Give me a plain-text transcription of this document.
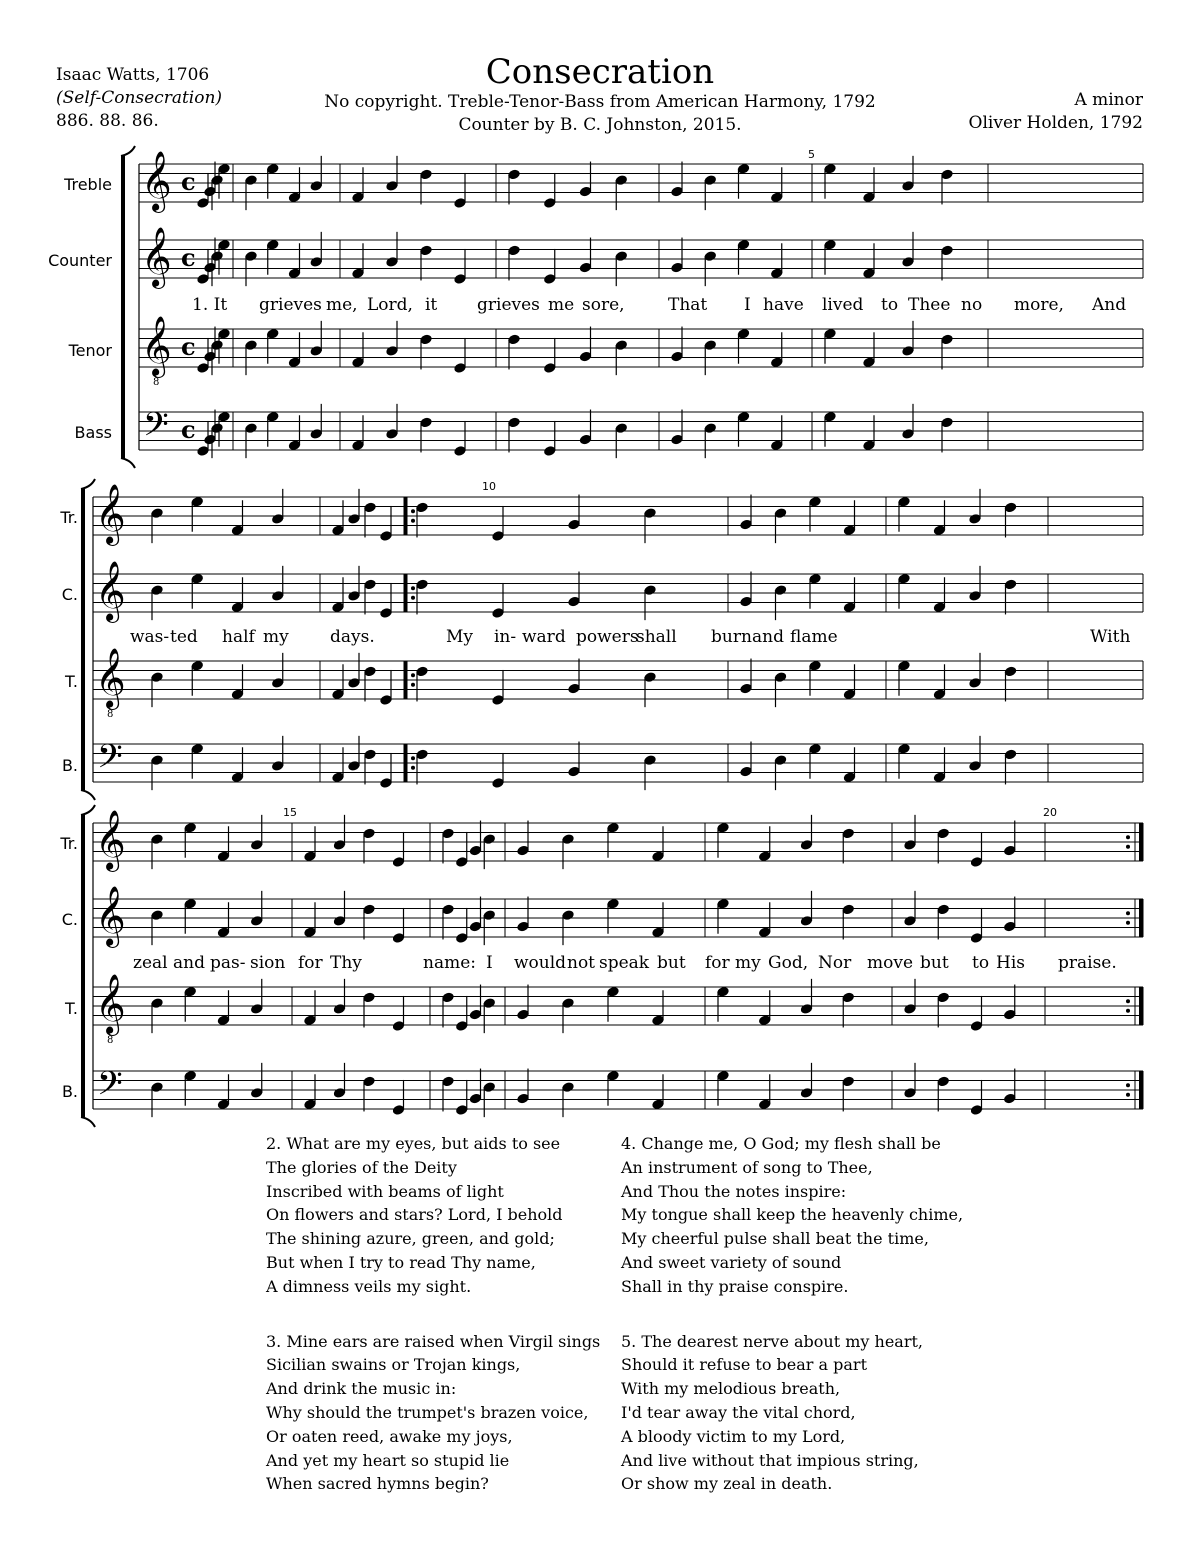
Isaac Watts, 1706
(Self-Consecration)
886. 88. 86.
Consecration
No copyright. Treble-Tenor-Bass from American Harmony, 1792
Counter by B. C. Johnston, 2015.
A minor
Oliver Holden, 1792
Treble
Counter
Tenor
Bass
Tr.
C.
T.
B.
Tr.
C.
T.
B.
𝄞 c
𝄞 c
𝄞
8
c
𝄢 c
𝄞
𝄞
𝄞
8
𝄢
𝄞
𝄞
𝄞
8
𝄢
1. It grieves me, Lord, it grieves me sore,	That I have lived to Thee no more, And
was- ted half my days.	My in- ward powers
shall burn and flame	With
zeal and pas- sion for Thy	name: I would not speak but for my God, Nor move but to His praise.
5
10
15	20
2. What are my eyes, but aids to see
The glories of the Deity
Inscribed with beams of light
On flowers and stars? Lord, I behold
The shining azure, green, and gold;
But when I try to read Thy name,
A dimness veils my sight.
3. Mine ears are raised when Virgil sings
Sicilian swains or Trojan kings,
And drink the music in:
Why should the trumpet's brazen voice,
Or oaten reed, awake my joys,
And yet my heart so stupid lie
When sacred hymns begin?
4. Change me, O God; my flesh shall be
An instrument of song to Thee,
And Thou the notes inspire:
My tongue shall keep the heavenly chime,
My cheerful pulse shall beat the time,
And sweet variety of sound
Shall in thy praise conspire.
5. The dearest nerve about my heart,
Should it refuse to bear a part
With my melodious breath,
I'd tear away the vital chord,
A bloody victim to my Lord,
And live without that impious string,
Or show my zeal in death.
